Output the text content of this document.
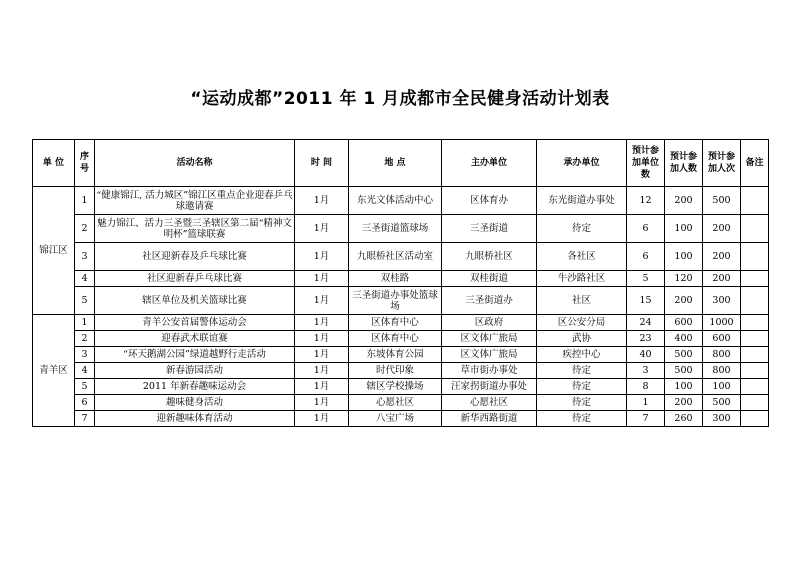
“运动成都”2011 年 1 月成都市全民健身活动计划表
单 位	序号	活动名称	时 间	地 点	主办单位	承办单位	预计参加单位数	预计参加人数	预计参加人次	备注
锦江区	1	“健康锦江, 活力城区”锦江区重点企业迎春乒乓球邀请赛	1月	东光文体活动中心	区体育办	东光街道办事处	12	200	500	
	2	魅力锦江、活力三圣暨三圣辖区第二届“精神文明杯”篮球联赛	1月	三圣街道篮球场	三圣街道	待定	6	100	200	
	3	社区迎新春及乒乓球比赛	1月	九眼桥社区活动室	九眼桥社区	各社区	6	100	200	
	4	社区迎新春乒乓球比赛	1月	双桂路	双桂街道	牛沙路社区	5	120	200	
	5	辖区单位及机关篮球比赛	1月	三圣街道办事处篮球场	三圣街道办	社区	15	200	300	
青羊区	1	青羊公安首届警体运动会	1月	区体育中心	区政府	区公安分局	24	600	1000	
	2	迎春武术联谊赛	1月	区体育中心	区文体广旅局	武协	23	400	600	
	3	“环天鹅湖公园”绿道越野行走活动	1月	东坡体育公园	区文体广旅局	疾控中心	40	500	800	
	4	新春游园活动	1月	时代印象	草市街办事处	待定	3	500	800	
	5	2011 年新春趣味运动会	1月	辖区学校操场	汪家拐街道办事处	待定	8	100	100	
	6	趣味健身活动	1月	心愿社区	心愿社区	待定	1	200	500	
	7	迎新趣味体育活动	1月	八宝广场	新华西路街道	待定	7	260	300	
